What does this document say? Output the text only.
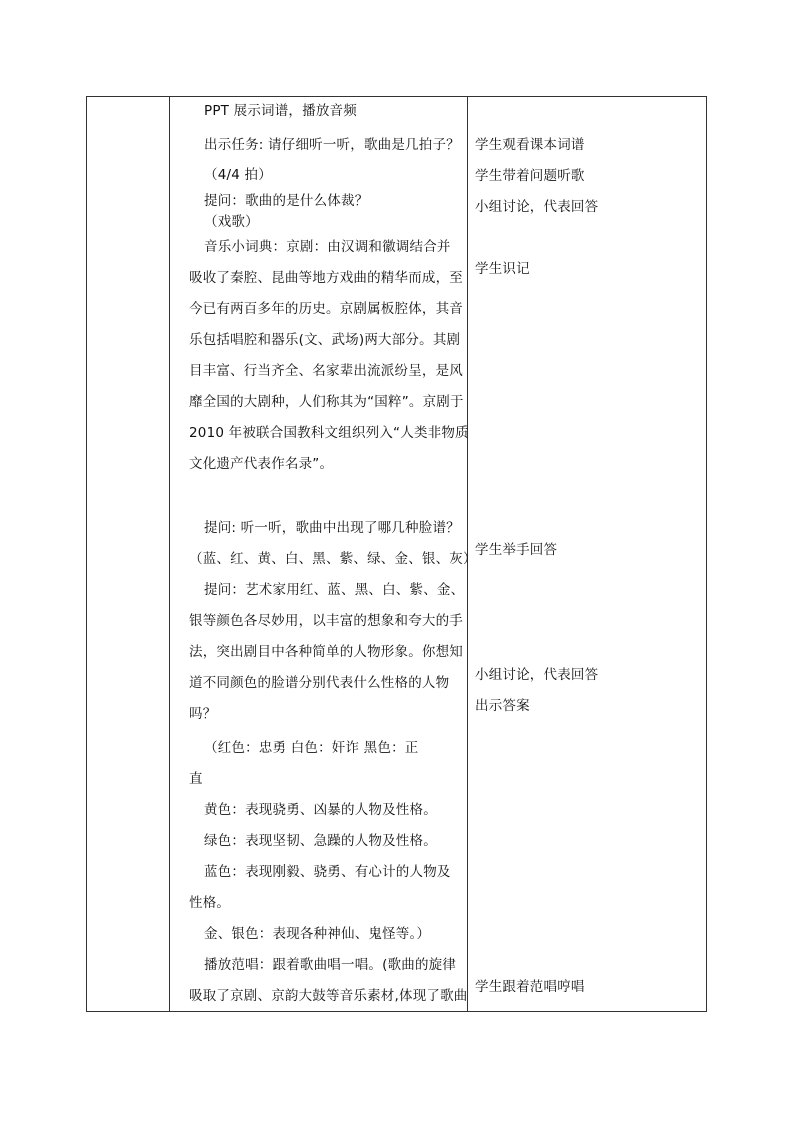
PPT 展示词谱，播放音频
出示任务: 请仔细听一听，歌曲是几拍子？
（4/4 拍）
提问：歌曲的是什么体裁？
（戏歌）
音乐小词典：京剧：由汉调和徽调结合并
吸收了秦腔、昆曲等地方戏曲的精华而成，至
今已有两百多年的历史。京剧属板腔体，其音
乐包括唱腔和器乐(文、武场)两大部分。其剧
目丰富、行当齐全、名家辈出流派纷呈，是风
靡全国的大剧种，人们称其为“国粹”。京剧于
2010 年被联合国教科文组织列入“人类非物质
文化遗产代表作名录”。
提问: 听一听，歌曲中出现了哪几种脸谱？
（蓝、红、黄、白、黑、紫、绿、金、银、灰）
提问：艺术家用红、蓝、黑、白、紫、金、
银等颜色各尽妙用，以丰富的想象和夸大的手
法，突出剧目中各种简单的人物形象。你想知
道不同颜色的脸谱分别代表什么性格的人物
吗？
（红色：忠勇 白色：奸诈 黑色：正
直
黄色：表现骁勇、凶暴的人物及性格。
绿色：表现坚韧、急躁的人物及性格。
蓝色：表现刚毅、骁勇、有心计的人物及
性格。
金、银色：表现各种神仙、鬼怪等。）
播放范唱：跟着歌曲唱一唱。(歌曲的旋律
吸取了京剧、京韵大鼓等音乐素材,体现了歌曲
学生观看课本词谱
学生带着问题听歌
小组讨论，代表回答
学生识记
学生举手回答
小组讨论，代表回答
出示答案
学生跟着范唱哼唱
